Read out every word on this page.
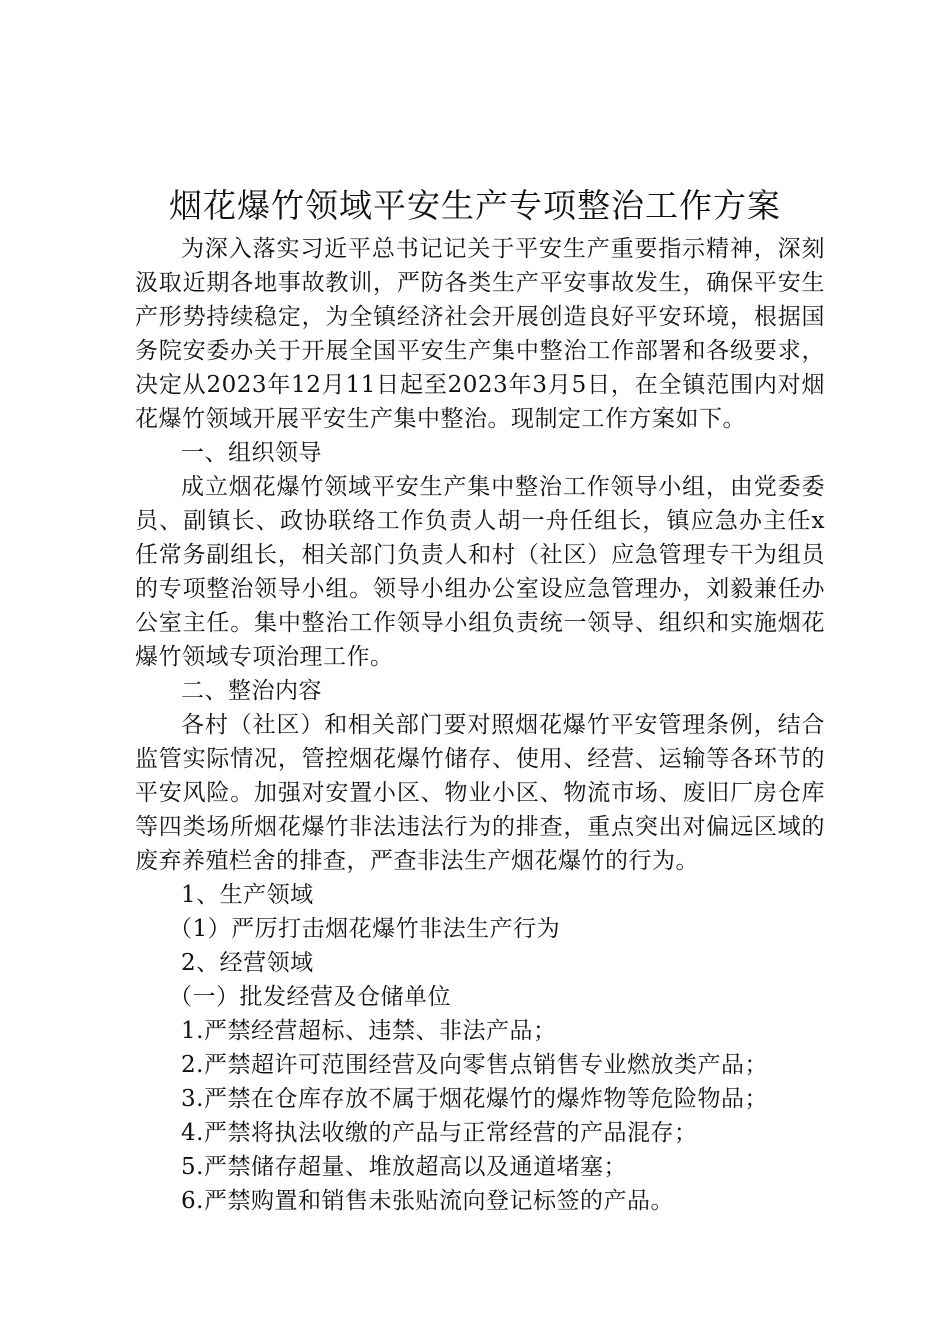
烟花爆竹领域平安生产专项整治工作方案

为深入落实习近平总书记记关于平安生产重要指示精神，深刻汲取近期各地事故教训，严防各类生产平安事故发生，确保平安生产形势持续稳定，为全镇经济社会开展创造良好平安环境，根据国务院安委办关于开展全国平安生产集中整治工作部署和各级要求，决定从2023年12月11日起至2023年3月5日，在全镇范围内对烟花爆竹领域开展平安生产集中整治。现制定工作方案如下。

一、组织领导

成立烟花爆竹领域平安生产集中整治工作领导小组，由党委委员、副镇长、政协联络工作负责人胡一舟任组长，镇应急办主任x任常务副组长，相关部门负责人和村（社区）应急管理专干为组员的专项整治领导小组。领导小组办公室设应急管理办，刘毅兼任办公室主任。集中整治工作领导小组负责统一领导、组织和实施烟花爆竹领域专项治理工作。

二、整治内容

各村（社区）和相关部门要对照烟花爆竹平安管理条例，结合监管实际情况，管控烟花爆竹储存、使用、经营、运输等各环节的平安风险。加强对安置小区、物业小区、物流市场、废旧厂房仓库等四类场所烟花爆竹非法违法行为的排查，重点突出对偏远区域的废弃养殖栏舍的排查，严查非法生产烟花爆竹的行为。

1、生产领域

（1）严厉打击烟花爆竹非法生产行为

2、经营领域

（一）批发经营及仓储单位

1.严禁经营超标、违禁、非法产品；

2.严禁超许可范围经营及向零售点销售专业燃放类产品；

3.严禁在仓库存放不属于烟花爆竹的爆炸物等危险物品；

4.严禁将执法收缴的产品与正常经营的产品混存；

5.严禁储存超量、堆放超高以及通道堵塞；

6.严禁购置和销售未张贴流向登记标签的产品。
